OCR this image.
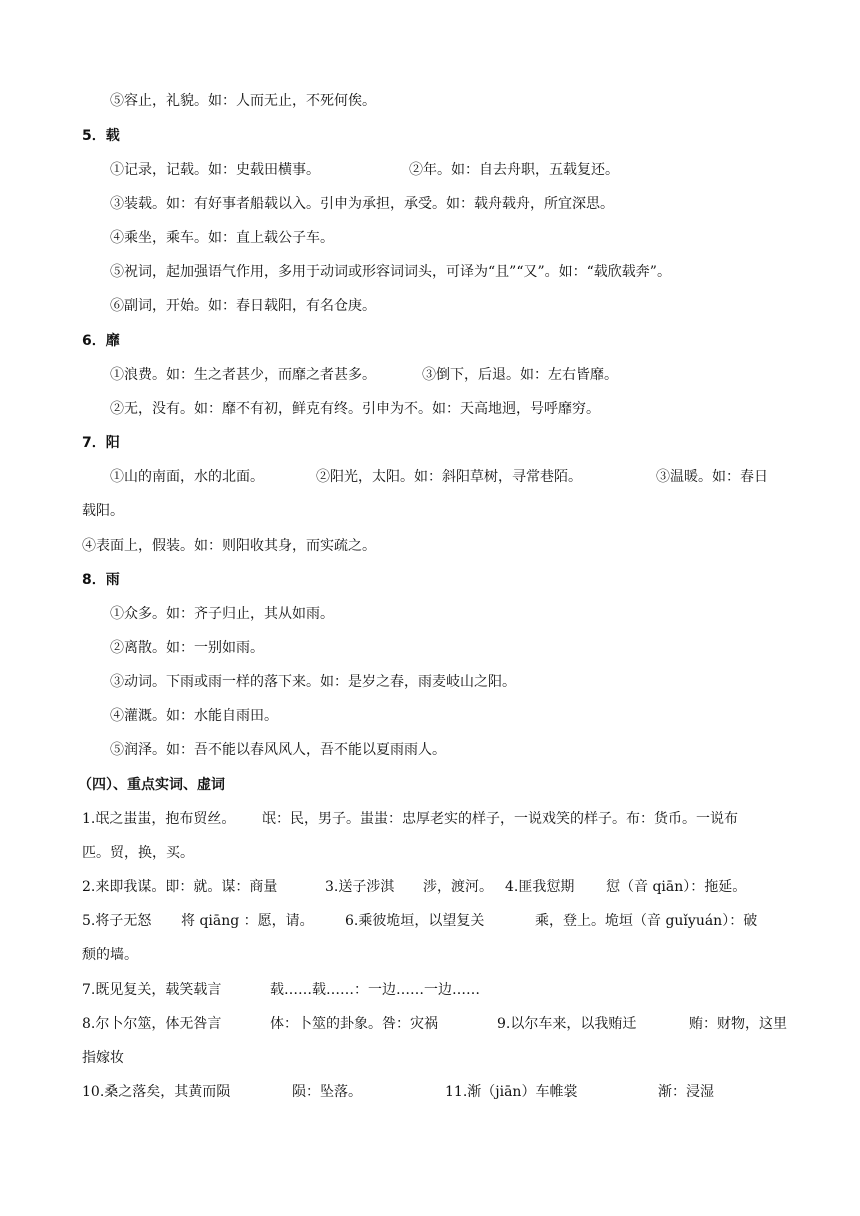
⑤容止，礼貌。如：人而无止，不死何俟。
5．载
①记录，记载。如：史载田横事。	②年。如：自去舟职，五载复还。
③装载。如：有好事者船载以入。引申为承担，承受。如：载舟载舟，所宜深思。
④乘坐，乘车。如：直上载公子车。
⑤祝词，起加强语气作用，多用于动词或形容词词头，可译为“且”“又”。如：“载欣载奔”。
⑥副词，开始。如：春日载阳，有名仓庚。
6．靡
①浪费。如：生之者甚少，而靡之者甚多。	③倒下，后退。如：左右皆靡。
②无，没有。如：靡不有初，鲜克有终。引申为不。如：天高地迥，号呼靡穷。
7．阳
①山的南面，水的北面。	②阳光，太阳。如：斜阳草树，寻常巷陌。	③温暖。如：春日
载阳。
④表面上，假装。如：则阳收其身，而实疏之。
8．雨
①众多。如：齐子归止，其从如雨。
②离散。如：一别如雨。
③动词。下雨或雨一样的落下来。如：是岁之春，雨麦岐山之阳。
④灌溉。如：水能自雨田。
⑤润泽。如：吾不能以春风风人，吾不能以夏雨雨人。
（四）、重点实词、虚词
1.氓之蚩蚩，抱布贸丝。 氓：民，男子。蚩蚩：忠厚老实的样子，一说戏笑的样子。布：货币。一说布
匹。贸，换，买。
2.来即我谋。即：就。谋：商量	3.送子涉淇 涉，渡河。 4.匪我愆期 愆（音 qiān）：拖延。
5.将子无怒 将 qiāng ：愿，请。 6.乘彼垝垣，以望复关	乘，登上。垝垣（音 guǐyuán）：破
颓的墙。
7.既见复关，载笑载言	载……载……：一边……一边……
8.尔卜尔筮，体无咎言	体：卜筮的卦象。咎：灾祸	9.以尔车来，以我贿迁	贿：财物，这里
指嫁妆
10.桑之落矣，其黄而陨	陨：坠落。	11.渐（jiān）车帷裳	渐：浸湿
